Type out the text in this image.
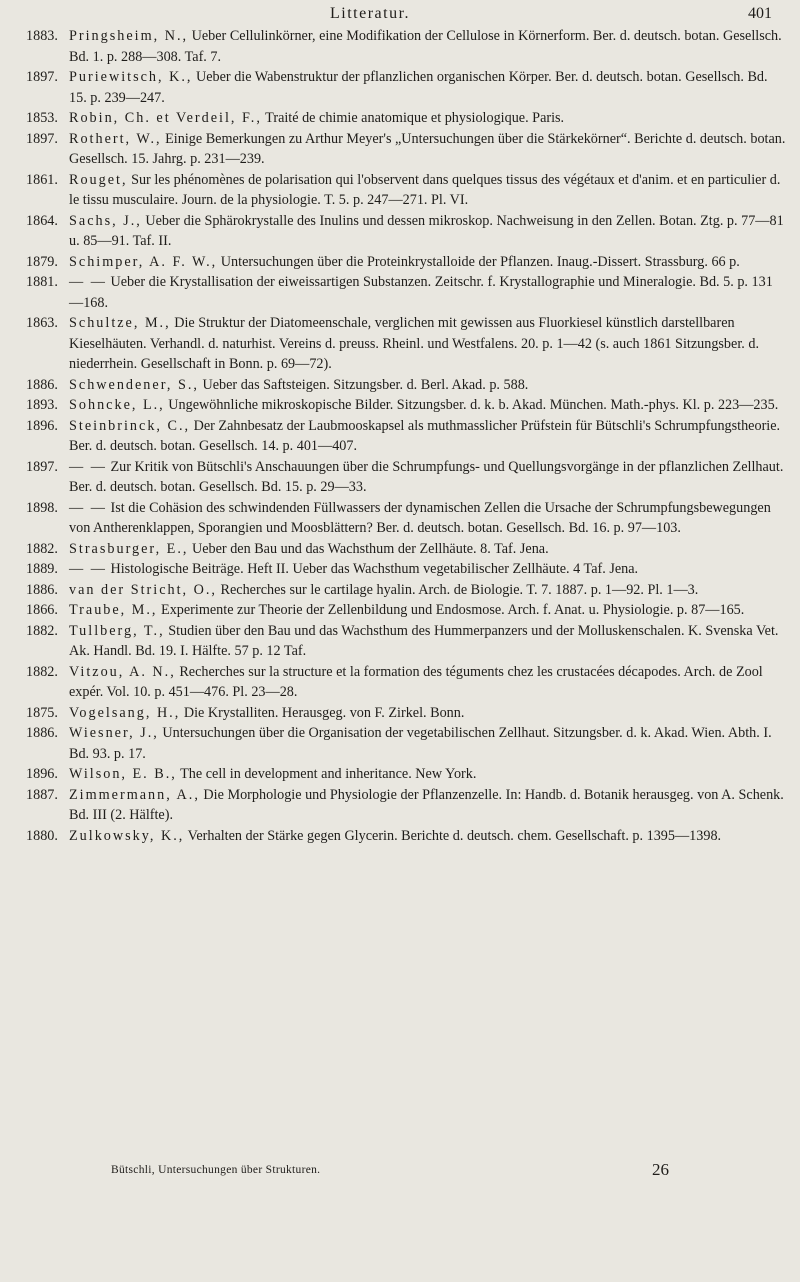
Litteratur.	401
1883. Pringsheim, N., Ueber Cellulinkörner, eine Modifikation der Cellulose in Körnerform. Ber. d. deutsch. botan. Gesellsch. Bd. 1. p. 288—308. Taf. 7.
1897. Puriewitsch, K., Ueber die Wabenstruktur der pflanzlichen organischen Körper. Ber. d. deutsch. botan. Gesellsch. Bd. 15. p. 239—247.
1853. Robin, Ch. et Verdeil, F., Traité de chimie anatomique et physiologique. Paris.
1897. Rothert, W., Einige Bemerkungen zu Arthur Meyer's „Untersuchungen über die Stärkekörner“. Berichte d. deutsch. botan. Gesellsch. 15. Jahrg. p. 231—239.
1861. Rouget, Sur les phénomènes de polarisation qui l'observent dans quelques tissus des végétaux et d'anim. et en particulier d. le tissu musculaire. Journ. de la physiologie. T. 5. p. 247—271. Pl. VI.
1864. Sachs, J., Ueber die Sphärokrystalle des Inulins und dessen mikroskop. Nachweisung in den Zellen. Botan. Ztg. p. 77—81 u. 85—91. Taf. II.
1879. Schimper, A. F. W., Untersuchungen über die Proteinkrystalloide der Pflanzen. Inaug.-Dissert. Strassburg. 66 p.
1881. — — Ueber die Krystallisation der eiweissartigen Substanzen. Zeitschr. f. Krystallographie und Mineralogie. Bd. 5. p. 131—168.
1863. Schultze, M., Die Struktur der Diatomeenschale, verglichen mit gewissen aus Fluorkiesel künstlich darstellbaren Kieselhäuten. Verhandl. d. naturhist. Vereins d. preuss. Rheinl. und Westfalens. 20. p. 1—42 (s. auch 1861 Sitzungsber. d. niederrhein. Gesellschaft in Bonn. p. 69—72).
1886. Schwendener, S., Ueber das Saftsteigen. Sitzungsber. d. Berl. Akad. p. 588.
1893. Sohncke, L., Ungewöhnliche mikroskopische Bilder. Sitzungsber. d. k. b. Akad. München. Math.-phys. Kl. p. 223—235.
1896. Steinbrinck, C., Der Zahnbesatz der Laubmooskapsel als muthmasslicher Prüfstein für Bütschli's Schrumpfungstheorie. Ber. d. deutsch. botan. Gesellsch. 14. p. 401—407.
1897. — — Zur Kritik von Bütschli's Anschauungen über die Schrumpfungs- und Quellungsvorgänge in der pflanzlichen Zellhaut. Ber. d. deutsch. botan. Gesellsch. Bd. 15. p. 29—33.
1898. — — Ist die Cohäsion des schwindenden Füllwassers der dynamischen Zellen die Ursache der Schrumpfungsbewegungen von Antherenklappen, Sporangien und Moosblättern? Ber. d. deutsch. botan. Gesellsch. Bd. 16. p. 97—103.
1882. Strasburger, E., Ueber den Bau und das Wachsthum der Zellhäute. 8. Taf. Jena.
1889. — — Histologische Beiträge. Heft II. Ueber das Wachsthum vegetabilischer Zellhäute. 4 Taf. Jena.
1886. van der Stricht, O., Recherches sur le cartilage hyalin. Arch. de Biologie. T. 7. 1887. p. 1—92. Pl. 1—3.
1866. Traube, M., Experimente zur Theorie der Zellenbildung und Endosmose. Arch. f. Anat. u. Physiologie. p. 87—165.
1882. Tullberg, T., Studien über den Bau und das Wachsthum des Hummerpanzers und der Molluskenschalen. K. Svenska Vet. Ak. Handl. Bd. 19. I. Hälfte. 57 p. 12 Taf.
1882. Vitzou, A. N., Recherches sur la structure et la formation des téguments chez les crustacées décapodes. Arch. de Zool expér. Vol. 10. p. 451—476. Pl. 23—28.
1875. Vogelsang, H., Die Krystalliten. Herausgeg. von F. Zirkel. Bonn.
1886. Wiesner, J., Untersuchungen über die Organisation der vegetabilischen Zellhaut. Sitzungsber. d. k. Akad. Wien. Abth. I. Bd. 93. p. 17.
1896. Wilson, E. B., The cell in development and inheritance. New York.
1887. Zimmermann, A., Die Morphologie und Physiologie der Pflanzenzelle. In: Handb. d. Botanik herausgeg. von A. Schenk. Bd. III (2. Hälfte).
1880. Zulkowsky, K., Verhalten der Stärke gegen Glycerin. Berichte d. deutsch. chem. Gesellschaft. p. 1395—1398.
Bütschli, Untersuchungen über Strukturen.	26
